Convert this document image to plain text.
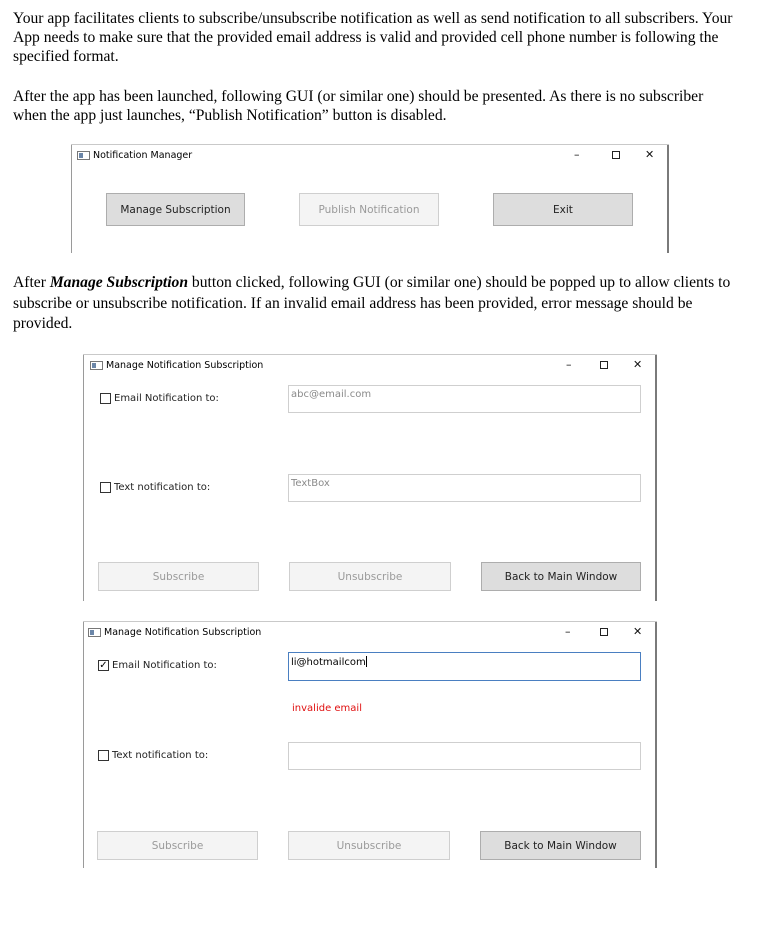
Your app facilitates clients to subscribe/unsubscribe notification as well as send notification to all subscribers. Your App needs to make sure that the provided email address is valid and provided cell phone number is following the specified format.

After the app has been launched, following GUI (or similar one) should be presented. As there is no subscriber when the app just launches, “Publish Notification” button is disabled.

Notification Manager	–	✕
Manage Subscription	Publish Notification	Exit

After Manage Subscription button clicked, following GUI (or similar one) should be popped up to allow clients to subscribe or unsubscribe notification. If an invalid email address has been provided, error message should be provided.

Manage Notification Subscription	–	✕
Email Notification to:	abc@email.com
Text notification to:	TextBox
Subscribe	Unsubscribe	Back to Main Window
Manage Notification Subscription	–	✕
✓ Email Notification to:	li@hotmailcom
invalide email
Text notification to:
Subscribe	Unsubscribe	Back to Main Window
